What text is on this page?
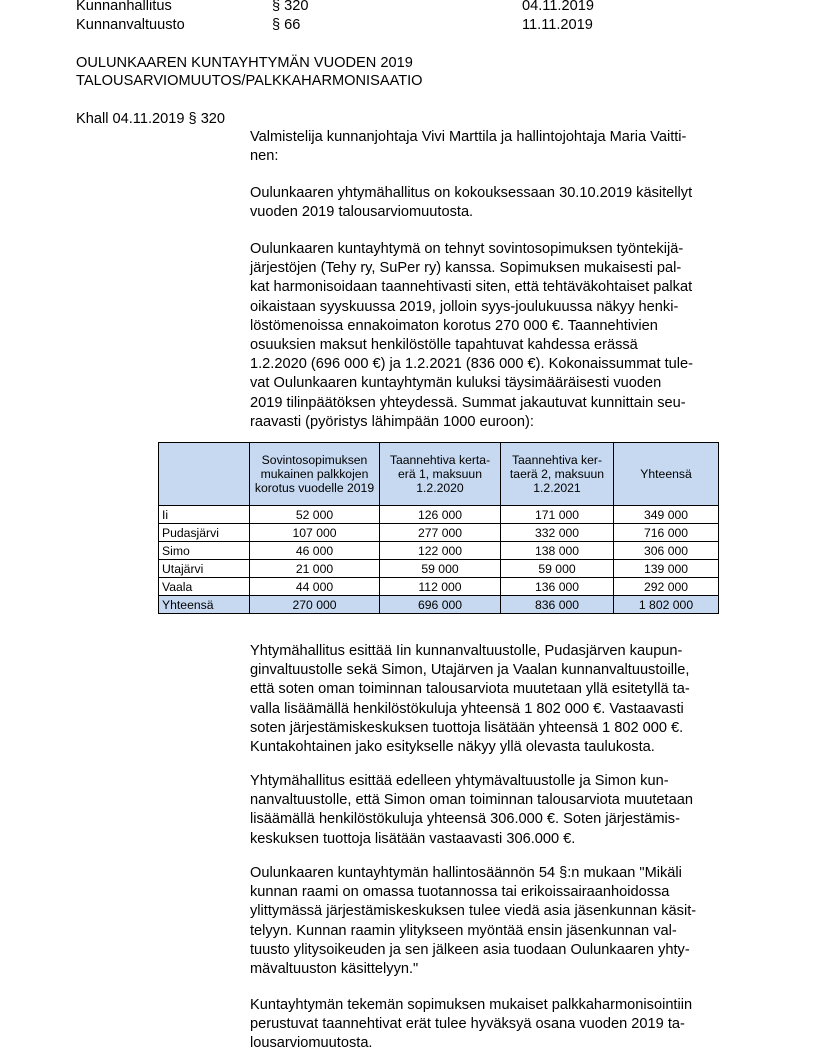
Kunnanhallitus	§ 320	04.11.2019
Kunnanvaltuusto	§ 66	11.11.2019
OULUNKAAREN KUNTAYHTYMÄN VUODEN 2019
TALOUSARVIOMUUTOS/PALKKAHARMONISAATIO
Khall 04.11.2019 § 320
Valmistelija kunnanjohtaja Vivi Marttila ja hallintojohtaja Maria Vaitti-
nen:
Oulunkaaren yhtymähallitus on kokouksessaan 30.10.2019 käsitellyt
vuoden 2019 talousarviomuutosta.
Oulunkaaren kuntayhtymä on tehnyt sovintosopimuksen työntekijä-
järjestöjen (Tehy ry, SuPer ry) kanssa. Sopimuksen mukaisesti pal-
kat harmonisoidaan taannehtivasti siten, että tehtäväkohtaiset palkat
oikaistaan syyskuussa 2019, jolloin syys-joulukuussa näkyy henki-
löstömenoissa ennakoimaton korotus 270 000 €. Taannehtivien
osuuksien maksut henkilöstölle tapahtuvat kahdessa erässä
1.2.2020 (696 000 €) ja 1.2.2021 (836 000 €). Kokonaissummat tule-
vat Oulunkaaren kuntayhtymän kuluksi täysimääräisesti vuoden
2019 tilinpäätöksen yhteydessä. Summat jakautuvat kunnittain seu-
raavasti (pyöristys lähimpään 1000 euroon):
	Sovintosopimuksen mukainen palkkojen korotus vuodelle 2019	Taannehtiva kerta-erä 1, maksuun 1.2.2020	Taannehtiva ker-taerä 2, maksuun 1.2.2021	Yhteensä
Ii	52 000	126 000	171 000	349 000
Pudasjärvi	107 000	277 000	332 000	716 000
Simo	46 000	122 000	138 000	306 000
Utajärvi	21 000	59 000	59 000	139 000
Vaala	44 000	112 000	136 000	292 000
Yhteensä	270 000	696 000	836 000	1 802 000
Yhtymähallitus esittää Iin kunnanvaltuustolle, Pudasjärven kaupun-
ginvaltuustolle sekä Simon, Utajärven ja Vaalan kunnanvaltuustoille,
että soten oman toiminnan talousarviota muutetaan yllä esitetyllä ta-
valla lisäämällä henkilöstökuluja yhteensä 1 802 000 €. Vastaavasti
soten järjestämiskeskuksen tuottoja lisätään yhteensä 1 802 000 €.
Kuntakohtainen jako esitykselle näkyy yllä olevasta taulukosta.
Yhtymähallitus esittää edelleen yhtymävaltuustolle ja Simon kun-
nanvaltuustolle, että Simon oman toiminnan talousarviota muutetaan
lisäämällä henkilöstökuluja yhteensä 306.000 €. Soten järjestämis-
keskuksen tuottoja lisätään vastaavasti 306.000 €.
Oulunkaaren kuntayhtymän hallintosäännön 54 §:n mukaan "Mikäli
kunnan raami on omassa tuotannossa tai erikoissairaanhoidossa
ylittymässä järjestämiskeskuksen tulee viedä asia jäsenkunnan käsit-
telyyn. Kunnan raamin ylitykseen myöntää ensin jäsenkunnan val-
tuusto ylitysoikeuden ja sen jälkeen asia tuodaan Oulunkaaren yhty-
mävaltuuston käsittelyyn."
Kuntayhtymän tekemän sopimuksen mukaiset palkkaharmonisointiin
perustuvat taannehtivat erät tulee hyväksyä osana vuoden 2019 ta-
lousarviomuutosta.
